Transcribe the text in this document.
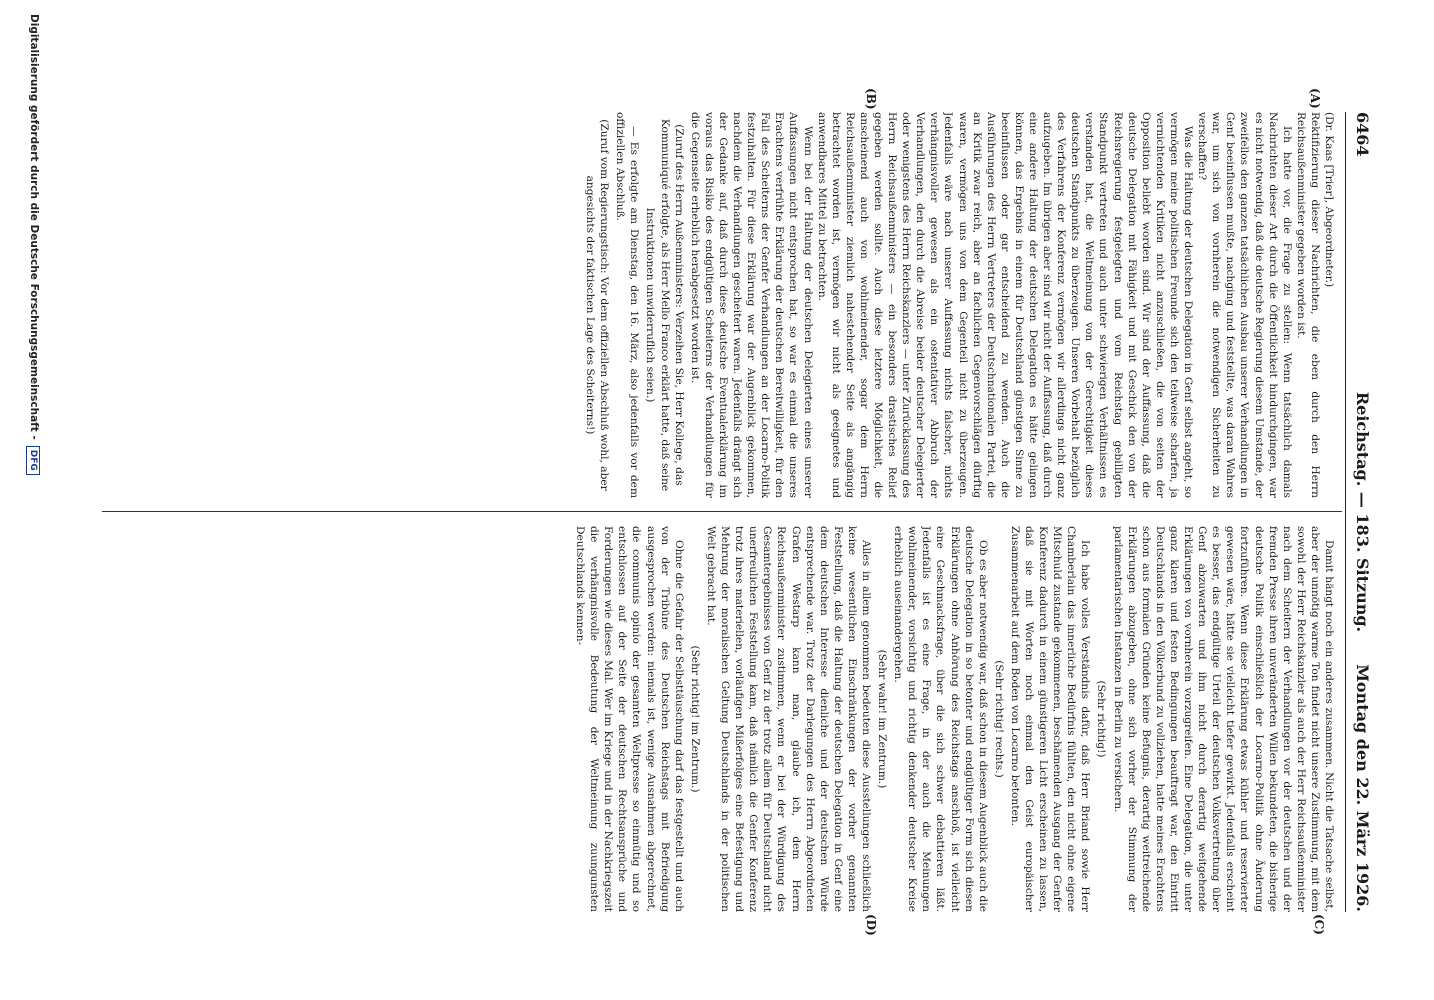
6464
Reichstag. — 183. Sitzung.
Montag den 22. März 1926.
(A)
(B)
(C)
(D)

(Dr. Kaas [Trier], Abgeordneter.)

Rektifizierung dieser Nachrichten, die eben durch den Herrn Reichsaußenminister gegeben worden ist.

Ich hatte vor, die Frage zu stellen: Wenn tatsächlich damals Nachrichten dieser Art durch die Öffentlichkeit hindurchgingen, war es nicht notwendig, daß die deutsche Regierung diesem Umstande, der zweifellos den ganzen tatsächlichen Ausbau unserer Verhandlungen in Genf beeinflussen mußte, nachging und feststellte, was daran Wahres war, um sich von vornherein die notwendigen Sicherheiten zu verschaffen?

Was die Haltung der deutschen Delegation in Genf selbst angeht, so vermögen meine politischen Freunde sich den teilweise scharfen, ja vernichtenden Kritiken nicht anzuschließen, die von seiten der Opposition beliebt worden sind. Wir sind der Auffassung, daß die deutsche Delegation mit Fähigkeit und mit Geschick den von der Reichsregierung festgelegten und vom Reichstag gebilligten Standpunkt vertreten und auch unter schwierigen Verhältnissen es verstanden hat, die Weltmeinung von der Gerechtigkeit dieses deutschen Standpunkts zu überzeugen. Unseren Vorbehalt bezüglich des Verfahrens der Konferenz vermögen wir allerdings nicht ganz aufzugeben. Im übrigen aber sind wir nicht der Auffassung, daß durch eine andere Haltung der deutschen Delegation es hätte gelingen können, das Ergebnis in einem für Deutschland günstigen Sinne zu beeinflussen oder gar entscheidend zu wenden. Auch die Ausführungen des Herrn Vertreters der Deutschnationalen Partei, die an Kritik zwar reich, aber an fachlichen Gegenvorschlägen dürftig waren, vermögen uns von dem Gegenteil nicht zu überzeugen. Jedenfalls wäre nach unserer Auffassung nichts falscher, nichts verhängnisvoller gewesen als ein ostentativer Abbruch der Verhandlungen, den durch die Abreise beider deutscher Delegierter oder wenigstens des Herrn Reichskanzlers — unter Zurücklassung des Herrn Reichsaußenministers — ein besonders drastisches Relief gegeben werden sollte. Auch diese letztere Möglichkeit, die anscheinend auch von wohlmeinender, sogar dem Herrn Reichsaußenminister ziemlich nahestehender Seite als angängig betrachtet worden ist, vermögen wir nicht als geeignetes und anwendbares Mittel zu betrachten.

Wenn bei der Haltung der deutschen Delegierten eines unserer Auffassungen nicht entsprochen hat, so war es einmal die unseres Erachtens verfrühte Erklärung der deutschen Bereitwilligkeit, für den Fall des Scheiterns der Genfer Verhandlungen an der Locarno-Politik festzuhalten. Für diese Erklärung war der Augenblick gekommen, nachdem die Verhandlungen gescheitert waren. Jedenfalls drängt sich der Gedanke auf, daß durch diese deutsche Eventualerklärung im voraus das Risiko des endgültigen Scheiterns der Verhandlungen für die Gegenseite erheblich herabgesetzt worden ist.

(Zuruf des Herrn Außenministers: Verzeihen Sie, Herr Kollege, das Kommuniqué erfolgte, als Herr Mello Franco erklärt hatte, daß seine Instruktionen unwiderruflich seien.)

— Es erfolgte am Dienstag, den 16. März, also jedenfalls vor dem offiziellen Abschluß.

(Zuruf vom Regierungstisch: Vor dem offiziellen Abschluß wohl, aber angesichts der faktischen Lage des Scheiterns!)

Damit hängt noch ein anderes zusammen. Nicht die Tatsache selbst, aber der unnötig warme Ton findet nicht unsere Zustimmung, mit dem sowohl der Herr Reichskanzler als auch der Herr Reichsaußenminister nach dem Scheitern der Verhandlungen vor der deutschen und der fremden Presse ihren unveränderten Willen bekundeten, die bisherige deutsche Politik einschließlich der Locarno-Politik ohne Änderung fortzuführen. Wenn diese Erklärung etwas kühler und reservierter gewesen wäre, hätte sie vielleicht tiefer gewirkt. Jedenfalls erscheint es besser, das endgültige Urteil der deutschen Volksvertretung über Genf abzuwarten und ihm nicht durch derartig weitgehende Erklärungen von vornherein vorzugreifen. Eine Delegation, die unter ganz klaren und festen Bedingungen beauftragt war, den Eintritt Deutschlands in den Völkerbund zu vollziehen, hatte meines Erachtens schon aus formalen Gründen keine Befugnis, derartig weitreichende Erklärungen abzugeben, ohne sich vorher der Stimmung der parlamentarischen Instanzen in Berlin zu versichern.

(Sehr richtig!)

Ich habe volles Verständnis dafür, daß Herr Briand sowie Herr Chamberlain das innerliche Bedürfnis fühlten, den nicht ohne eigene Mitschuld zustande gekommenen, beschämenden Ausgang der Genfer Konferenz dadurch in einem günstigeren Licht erscheinen zu lassen, daß sie mit Worten noch einmal den Geist europäischer Zusammenarbeit auf dem Boden von Locarno betonten.

(Sehr richtig! rechts.)

Ob es aber notwendig war, daß schon in diesem Augenblick auch die deutsche Delegation in so betonter und endgültiger Form sich diesen Erklärungen ohne Anhörung des Reichstags anschloß, ist vielleicht eine Geschmacksfrage, über die sich schwer debattieren läßt. Jedenfalls ist es eine Frage, in der auch die Meinungen wohlmeinender, vorsichtig und richtig denkender deutscher Kreise erheblich auseinandergehen.

(Sehr wahr! im Zentrum.)

Alles in allem genommen bedeuten diese Ausstellungen schließlich keine wesentlichen Einschränkungen der vorher genannten Feststellung, daß die Haltung der deutschen Delegation in Genf eine dem deutschen Interesse dienliche und der deutschen Würde entsprechende war. Trotz der Darlegungen des Herrn Abgeordneten Grafen Westarp kann man, glaube ich, dem Herrn Reichsaußenminister zustimmen, wenn er bei der Würdigung des Gesamtergebnisses von Genf zu der trotz allem für Deutschland nicht unerfreulichen Feststellung kam, daß nämlich die Genfer Konferenz trotz ihres materiellen, vorläufigen Mißerfolges eine Befestigung und Mehrung der moralischen Geltung Deutschlands in der politischen Welt gebracht hat.

(Sehr richtig! im Zentrum.)

Ohne die Gefahr der Selbsttäuschung darf das festgestellt und auch von der Tribüne des Deutschen Reichstags mit Befriedigung ausgesprochen werden: niemals ist, wenige Ausnahmen abgerechnet, die communis opinio der gesamten Weltpresse so einmütig und so entschlossen auf der Seite der deutschen Rechtsansprüche und Forderungen wie dieses Mal. Wer im Kriege und in der Nachkriegszeit die verhängnisvolle Bedeutung der Weltmeinung zuungunsten Deutschlands kennen-

Digitalisierung gefördert durch die Deutsche Forschungsgemeinschaft -DFG
